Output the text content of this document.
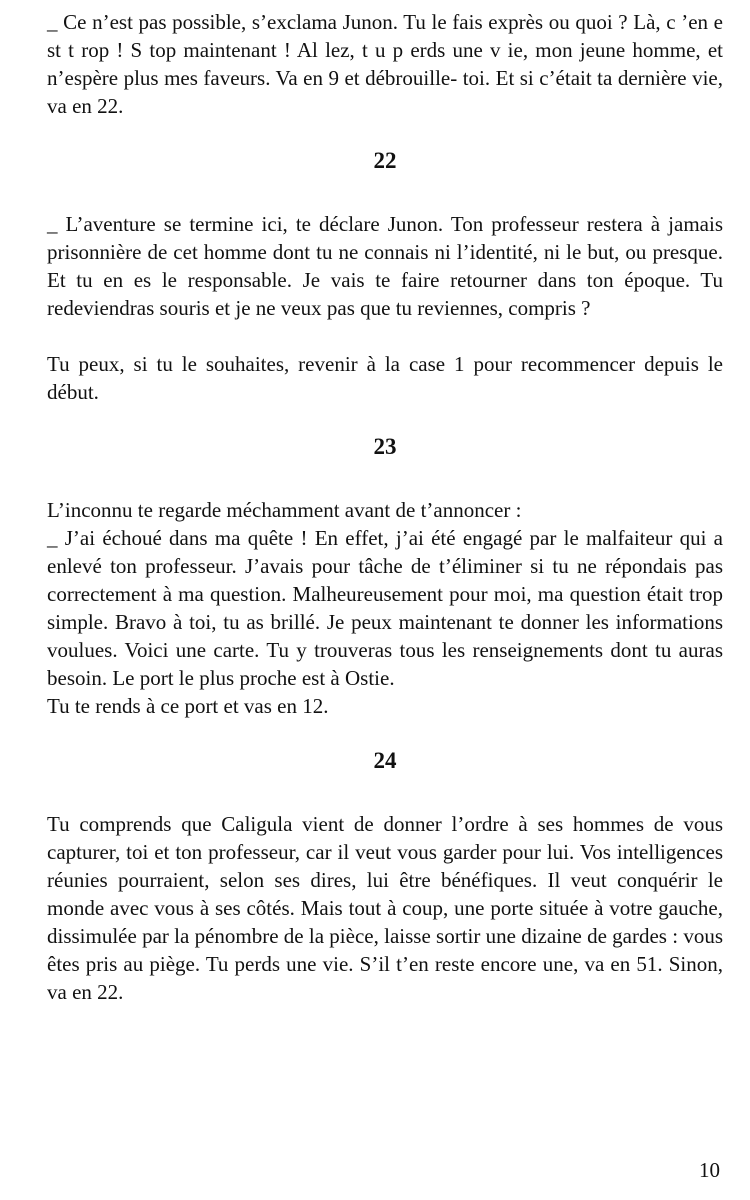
_ Ce n’est pas possible, s’exclama Junon. Tu le fais exprès ou quoi ? Là, c ’en e st t rop ! S top maintenant ! Al lez, t u p erds une v ie, mon jeune homme, et n’espère plus mes faveurs. Va en 9 et débrouille- toi. Et si c’était ta dernière vie, va en 22.

22

_ L’aventure se termine ici, te déclare Junon. Ton professeur restera à jamais prisonnière de cet homme dont tu ne connais ni l’identité, ni le but, ou presque. Et tu en es le responsable. Je vais te faire retourner dans ton époque. Tu redeviendras souris et je ne veux pas que tu reviennes, compris ?

Tu peux, si tu le souhaites, revenir à la case 1 pour recommencer depuis le début.

23

L’inconnu te regarde méchamment avant de t’annoncer :

_ J’ai échoué dans ma quête ! En effet, j’ai été engagé par le malfaiteur qui a enlevé ton professeur. J’avais pour tâche de t’éliminer si tu ne répondais pas correctement à ma question. Malheureusement pour moi, ma question était trop simple. Bravo à toi, tu as brillé. Je peux maintenant te donner les informations voulues. Voici une carte. Tu y trouveras tous les renseignements dont tu auras besoin. Le port le plus proche est à Ostie.

Tu te rends à ce port et vas en 12.

24

Tu comprends que Caligula vient de donner l’ordre à ses hommes de vous capturer, toi et ton professeur, car il veut vous garder pour lui. Vos intelligences réunies pourraient, selon ses dires, lui être bénéfiques. Il veut conquérir le monde avec vous à ses côtés. Mais tout à coup, une porte située à votre gauche, dissimulée par la pénombre de la pièce, laisse sortir une dizaine de gardes : vous êtes pris au piège. Tu perds une vie. S’il t’en reste encore une, va en 51. Sinon, va en 22.

10
